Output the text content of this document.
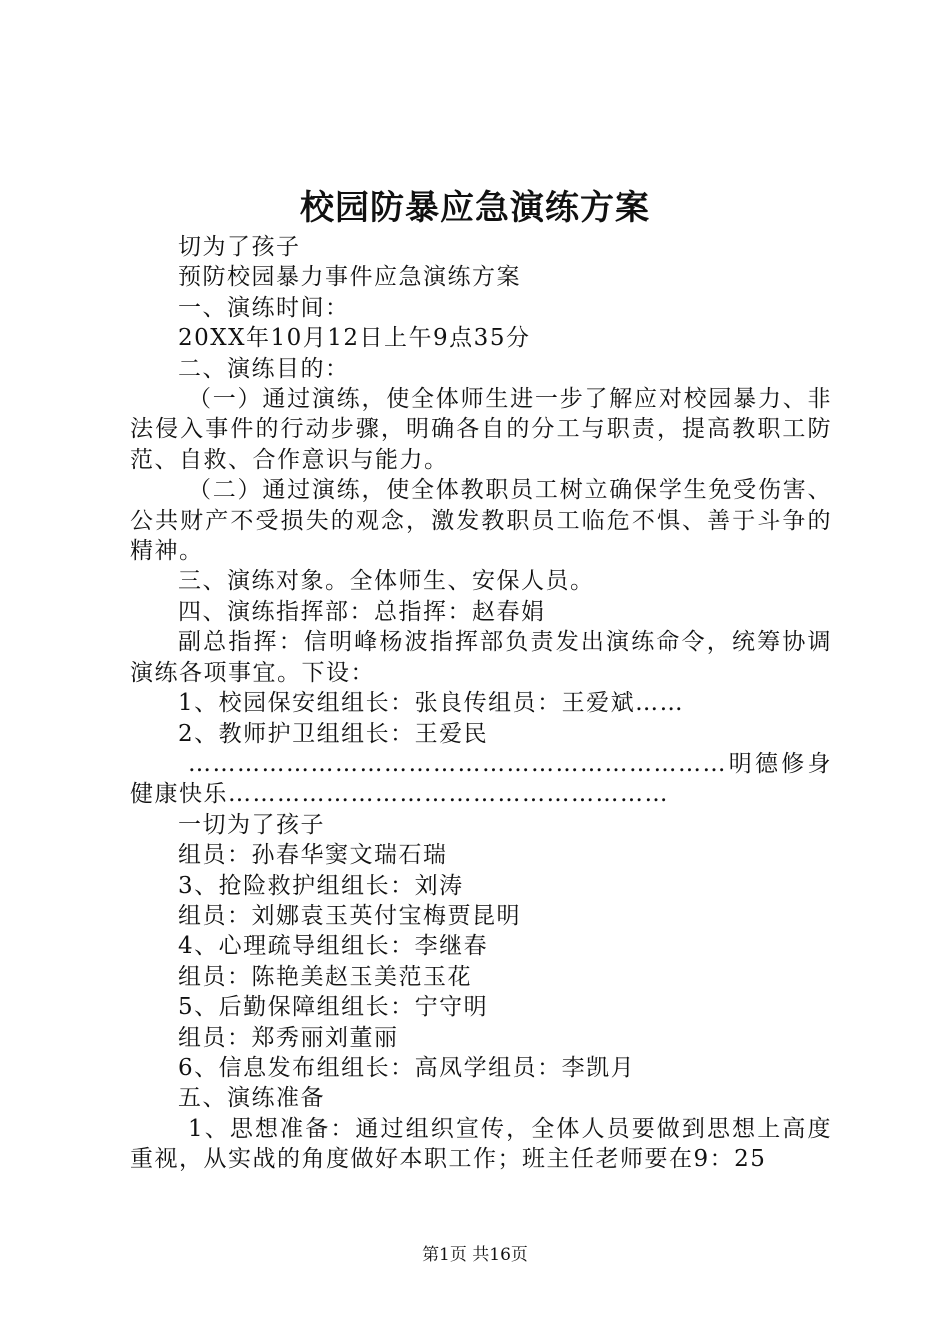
校园防暴应急演练方案

切为了孩子

预防校园暴力事件应急演练方案

一、演练时间：

20XX年10月12日上午9点35分

二、演练目的：

（一）通过演练，使全体师生进一步了解应对校园暴力、非法侵入事件的行动步骤，明确各自的分工与职责，提高教职工防范、自救、合作意识与能力。

（二）通过演练，使全体教职员工树立确保学生免受伤害、公共财产不受损失的观念，激发教职员工临危不惧、善于斗争的精神。

三、演练对象。全体师生、安保人员。

四、演练指挥部：总指挥：赵春娟

副总指挥：信明峰杨波指挥部负责发出演练命令，统筹协调演练各项事宜。下设：

1、校园保安组组长：张良传组员：王爱斌……

2、教师护卫组组长：王爱民

…………………………………………………………明德修身健康快乐………………………………………………

一切为了孩子

组员：孙春华窦文瑞石瑞

3、抢险救护组组长：刘涛

组员：刘娜袁玉英付宝梅贾昆明

4、心理疏导组组长：李继春

组员：陈艳美赵玉美范玉花

5、后勤保障组组长：宁守明

组员：郑秀丽刘董丽

6、信息发布组组长：高凤学组员：李凯月

五、演练准备

1、思想准备：通过组织宣传，全体人员要做到思想上高度重视，从实战的角度做好本职工作；班主任老师要在9：25

第1页 共16页
